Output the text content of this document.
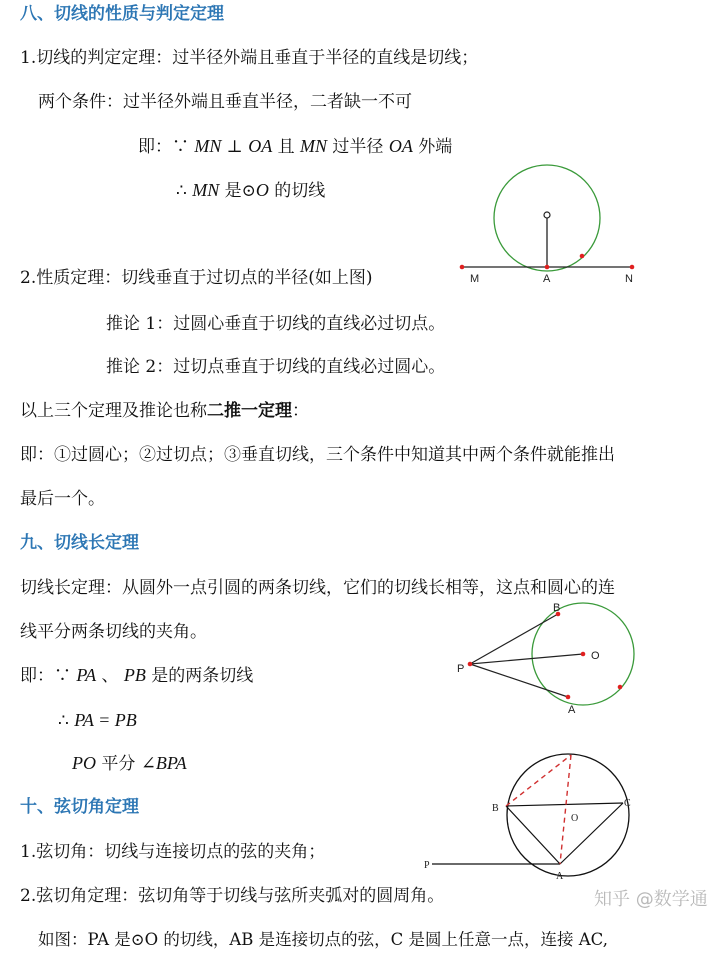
八、切线的性质与判定定理
1.切线的判定定理：过半径外端且垂直于半径的直线是切线；
两个条件：过半径外端且垂直半径，二者缺一不可
即：∵ MN ⊥ OA 且 MN 过半径 OA 外端
∴ MN 是⊙O 的切线
M	A	N
2.性质定理：切线垂直于过切点的半径(如上图)
推论 1：过圆心垂直于切线的直线必过切点。
推论 2：过切点垂直于切线的直线必过圆心。
以上三个定理及推论也称二推一定理：
即：①过圆心；②过切点；③垂直切线，三个条件中知道其中两个条件就能推出
最后一个。
九、切线长定理
切线长定理：从圆外一点引圆的两条切线，它们的切线长相等，这点和圆心的连
线平分两条切线的夹角。
即：∵ PA 、 PB 是的两条切线
∴ PA = PB
PO 平分 ∠BPA
B
P
O
A
十、弦切角定理
1.弦切角：切线与连接切点的弦的夹角；
2.弦切角定理：弦切角等于切线与弦所夹弧对的圆周角。
B	C
O
P
A
如图：PA 是⊙O 的切线，AB 是连接切点的弦，C 是圆上任意一点，连接 AC,
知乎 @数学通
